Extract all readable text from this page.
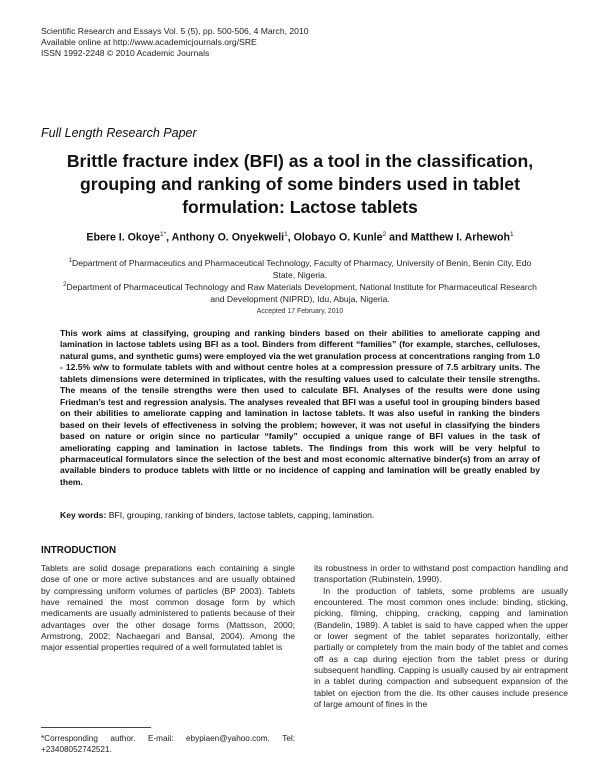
Scientific Research and Essays Vol. 5 (5), pp. 500-506, 4 March, 2010
Available online at http://www.academicjournals.org/SRE
ISSN 1992-2248 © 2010 Academic Journals
Full Length Research Paper
Brittle fracture index (BFI) as a tool in the classification, grouping and ranking of some binders used in tablet formulation: Lactose tablets
Ebere I. Okoye$^{1*}$, Anthony O. Onyekweli$^1$, Olobayo O. Kunle$^2$ and Matthew I. Arhewoh$^1$
$^1$Department of Pharmaceutics and Pharmaceutical Technology, Faculty of Pharmacy, University of Benin, Benin City, Edo State, Nigeria.
$^2$Department of Pharmaceutical Technology and Raw Materials Development, National Institute for Pharmaceutical Research and Development (NIPRD), Idu, Abuja, Nigeria.
Accepted 17 February, 2010
This work aims at classifying, grouping and ranking binders based on their abilities to ameliorate capping and lamination in lactose tablets using BFI as a tool. Binders from different “families” (for example, starches, celluloses, natural gums, and synthetic gums) were employed via the wet granulation process at concentrations ranging from 1.0 - 12.5% w/w to formulate tablets with and without centre holes at a compression pressure of 7.5 arbitrary units. The tablets dimensions were determined in triplicates, with the resulting values used to calculate their tensile strengths. The means of the tensile strengths were then used to calculate BFI. Analyses of the results were done using Friedman’s test and regression analysis. The analyses revealed that BFI was a useful tool in grouping binders based on their abilities to ameliorate capping and lamination in lactose tablets. It was also useful in ranking the binders based on their levels of effectiveness in solving the problem; however, it was not useful in classifying the binders based on nature or origin since no particular “family” occupied a unique range of BFI values in the task of ameliorating capping and lamination in lactose tablets. The findings from this work will be very helpful to pharmaceutical formulators since the selection of the best and most economic alternative binder(s) from an array of available binders to produce tablets with little or no incidence of capping and lamination will be greatly enabled by them.
Key words: BFI, grouping, ranking of binders, lactose tablets, capping, lamination.
INTRODUCTION

Tablets are solid dosage preparations each containing a single dose of one or more active substances and are usually obtained by compressing uniform volumes of particles (BP 2003). Tablets have remained the most common dosage form by which medicaments are usually administered to patients because of their advantages over the other dosage forms (Mattsson, 2000; Armstrong, 2002; Nachaegari and Bansal, 2004). Among the major essential properties required of a well formulated tablet is

its robustness in order to withstand post compaction handling and transportation (Rubinstein, 1990).

In the production of tablets, some problems are usually encountered. The most common ones include: binding, sticking, picking, filming, chipping, cracking, capping and lamination (Bandelin, 1989). A tablet is said to have capped when the upper or lower segment of the tablet separates horizontally, either partially or completely from the main body of the tablet and comes off as a cap during ejection from the tablet press or during subsequent handling. Capping is usually caused by air entrapment in a tablet during compaction and subsequent expansion of the tablet on ejection from the die. Its other causes include presence of large amount of fines in the

*Corresponding author. E-mail: ebypiaen@yahoo.com. Tel: +23408052742521.
